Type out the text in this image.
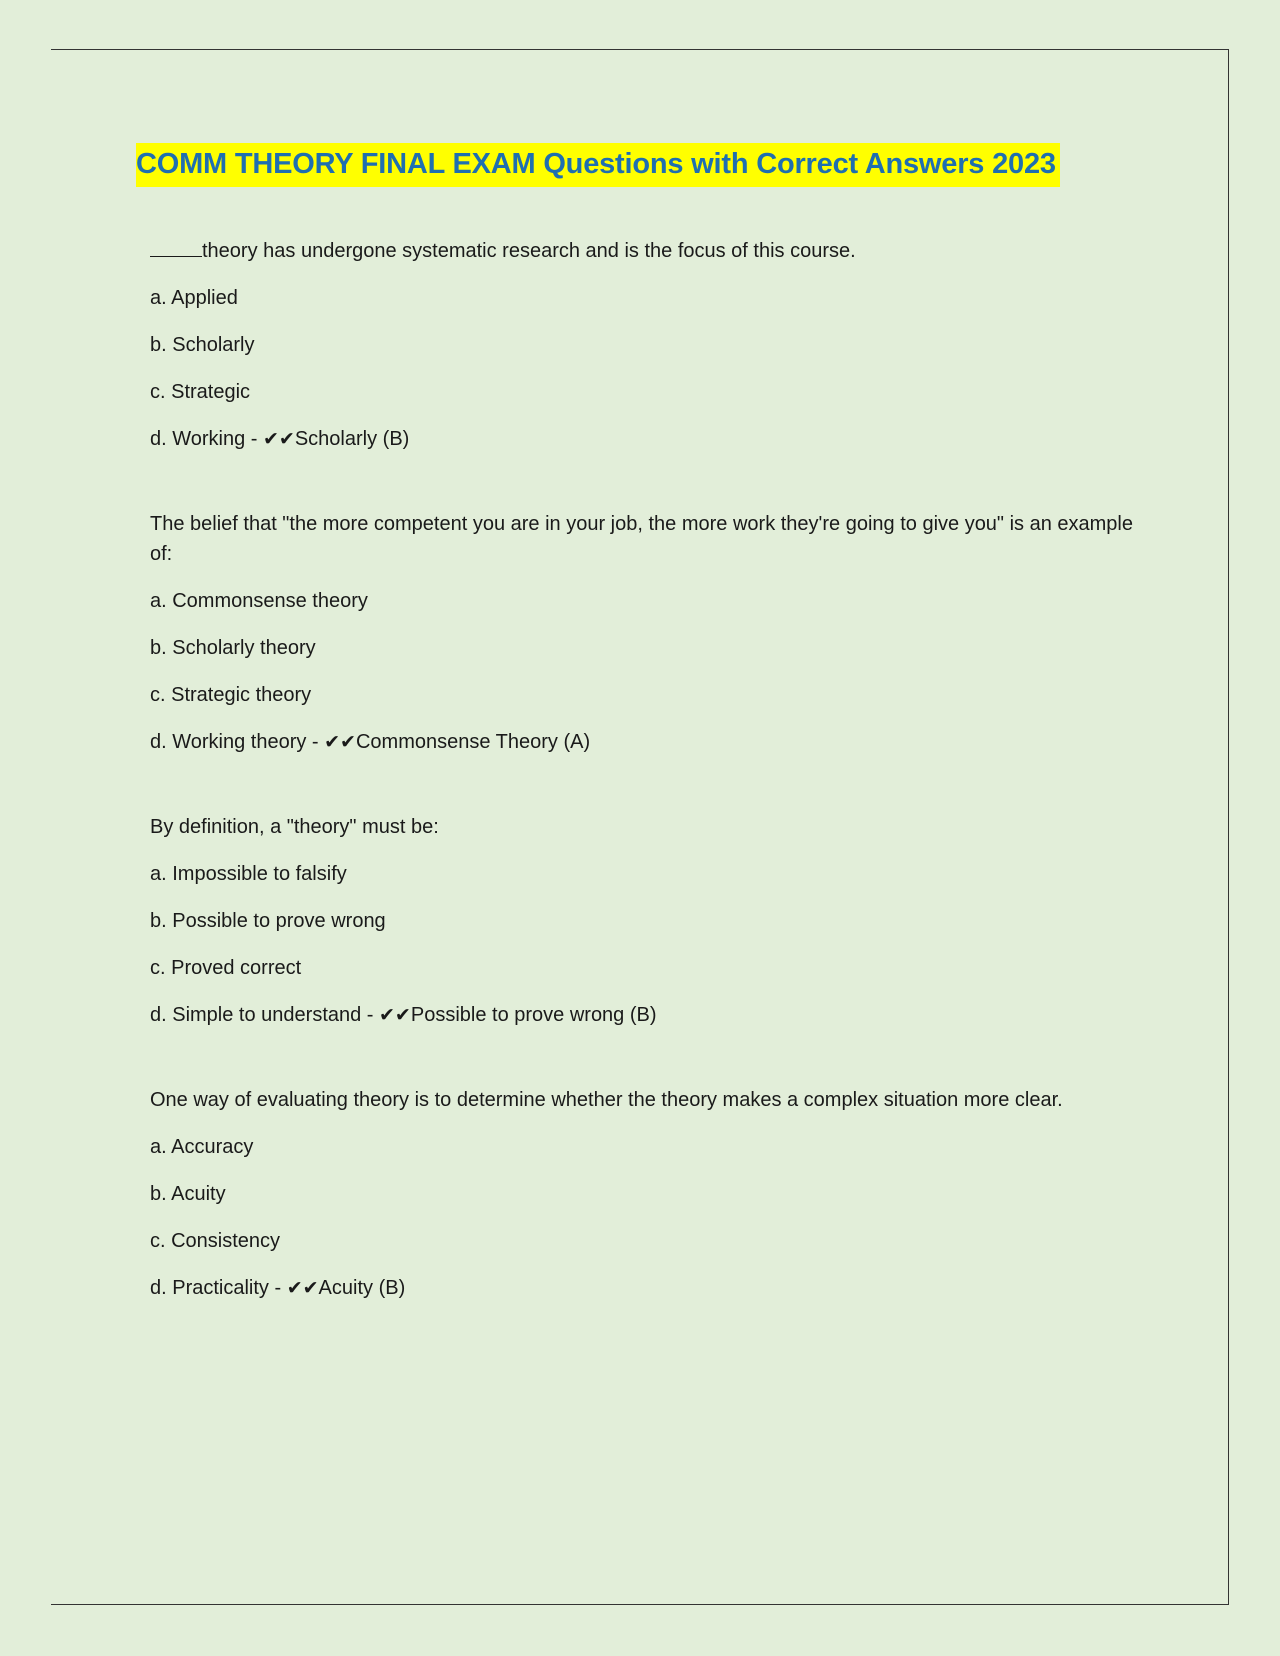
COMM THEORY FINAL EXAM Questions with Correct Answers 2023

theory has undergone systematic research and is the focus of this course.

a. Applied

b. Scholarly

c. Strategic

d. Working - ✔✔Scholarly (B)

The belief that "the more competent you are in your job, the more work they're going to give you" is an example of:

a. Commonsense theory

b. Scholarly theory

c. Strategic theory

d. Working theory - ✔✔Commonsense Theory (A)

By definition, a "theory" must be:

a. Impossible to falsify

b. Possible to prove wrong

c. Proved correct

d. Simple to understand - ✔✔Possible to prove wrong (B)

One way of evaluating theory is to determine whether the theory makes a complex situation more clear.

a. Accuracy

b. Acuity

c. Consistency

d. Practicality - ✔✔Acuity (B)
